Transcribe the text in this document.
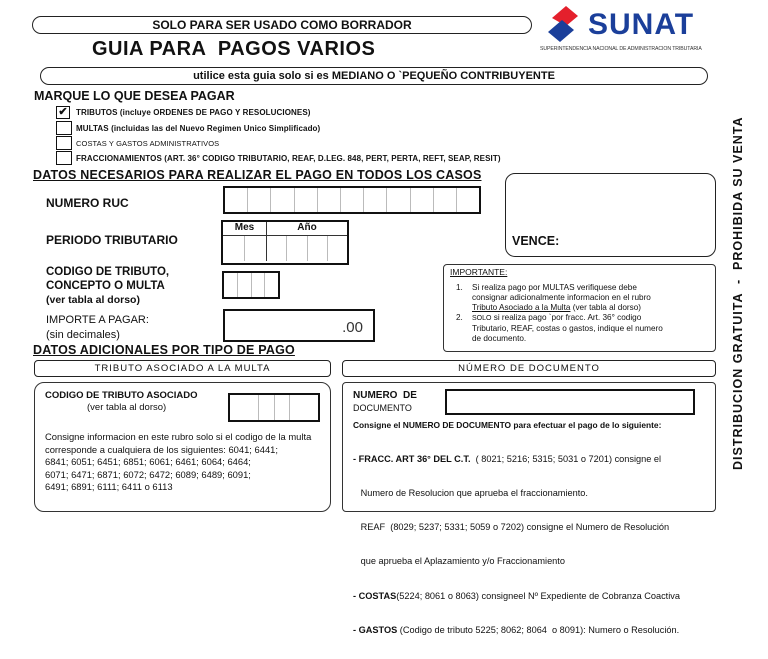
SOLO PARA SER USADO COMO BORRADOR
GUIA PARA  PAGOS VARIOS
SUNAT
SUPERINTENDENCIA NACIONAL DE ADMINISTRACION TRIBUTARIA
utilice esta guia solo si es MEDIANO O `PEQUEÑO CONTRIBUYENTE
DISTRIBUCION GRATUITA  -  PROHIBIDA SU VENTA
MARQUE LO QUE DESEA PAGAR
✔ TRIBUTOS (incluye ORDENES DE PAGO Y RESOLUCIONES)
MULTAS (incluidas las del Nuevo Regimen Unico Simplificado)
COSTAS Y GASTOS ADMINISTRATIVOS
FRACCIONAMIENTOS (ART. 36° CODIGO TRIBUTARIO, REAF, D.LEG. 848, PERT, PERTA, REFT, SEAP, RESIT)
DATOS NECESARIOS PARA REALIZAR EL PAGO EN TODOS LOS CASOS
NUMERO RUC
PERIODO TRIBUTARIO
Mes	Año
CODIGO DE TRIBUTO,
CONCEPTO O MULTA
(ver tabla al dorso)
IMPORTE A PAGAR:
(sin decimales)	.00
VENCE:
IMPORTANTE:
1.	Si realiza pago por MULTAS verifiquese debe
consignar adicionalmente informacion en el rubro
Tributo Asociado a la Multa (ver tabla al dorso)
2.	SOLO si realiza pago `por fracc. Art. 36° codigo
Tributario, REAF, costas o gastos, indique el numero
de documento.
DATOS ADICIONALES POR TIPO DE PAGO
TRIBUTO ASOCIADO A LA MULTA	NÚMERO DE DOCUMENTO
CODIGO DE TRIBUTO ASOCIADO
(ver tabla al dorso)
Consigne informacion en este rubro solo si el codigo de la multa
corresponde a cualquiera de los siguientes: 6041; 6441;
6841; 6051; 6451; 6851; 6061; 6461; 6064; 6464;
6071; 6471; 6871; 6072; 6472; 6089; 6489; 6091;
6491; 6891; 6111; 6411 o 6113
NUMERO  DE
DOCUMENTO
Consigne el NUMERO DE DOCUMENTO para efectuar el pago de lo siguiente:

- FRACC. ART 36° DEL C.T.  ( 8021; 5216; 5315; 5031 o 7201) consigne el

Numero de Resolucion que aprueba el fraccionamiento.

REAF  (8029; 5237; 5331; 5059 o 7202) consigne el Numero de Resolución

que aprueba el Aplazamiento y/o Fraccionamiento

- COSTAS(5224; 8061 o 8063) consigneel Nº Expediente de Cobranza Coactiva

- GASTOS (Codigo de tributo 5225; 8062; 8064  o 8091): Numero o Resolución.
